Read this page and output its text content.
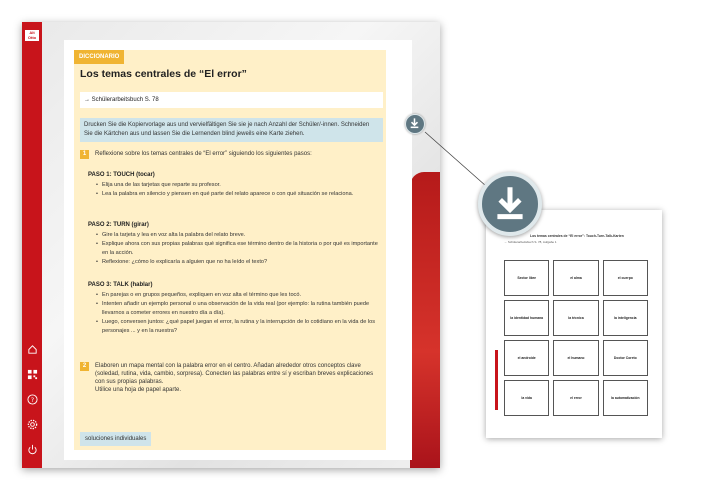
Alt
Otto
?
DICCIONARIO
Los temas centrales de “El error”
→ Schülerarbeitsbuch S. 78
Drucken Sie die Kopiervorlage aus und vervielfältigen Sie sie je nach Anzahl der Schüler/-innen. Schneiden Sie die Kärtchen aus und lassen Sie die Lernenden blind jeweils eine Karte ziehen.
1 Reflexione sobre los temas centrales de “El error” siguiendo los siguientes pasos:
PASO 1: TOUCH (tocar)
• Elija una de las tarjetas que reparte su profesor.
• Lea la palabra en silencio y piensen en qué parte del relato aparece o con qué situación se relaciona.
PASO 2: TURN (girar)
• Gire la tarjeta y lea en voz alta la palabra del relato breve.
• Explique ahora con sus propias palabras qué significa ese término dentro de la historia o por qué es importante en la acción.
• Reflexione: ¿cómo lo explicaría a alguien que no ha leído el texto?
PASO 3: TALK (hablar)
• En parejas o en grupos pequeños, expliquen en voz alta el término que les tocó.
• Intenten añadir un ejemplo personal o una observación de la vida real (por ejemplo: la rutina también puede llevarnos a cometer errores en nuestro día a día).
• Luego, conversen juntos: ¿qué papel juegan el error, la rutina y la interrupción de lo cotidiano en la vida de los personajes ... y en la nuestra?
2	Elaboren un mapa mental con la palabra error en el centro. Añadan alrededor otros conceptos clave (soledad, rutina, vida, cambio, sorpresa). Conecten las palabras entre sí y escriban breves explicaciones con sus propias palabras.
Utilice una hoja de papel aparte.
soluciones individuales
Los temas centrales de “El error”: Touch-Turn-Talk-Karten
→ Schülerarbeitsbuch S. 78, Aufgabe 1
Sector libre	el alma	el cuerpo
la identidad humana	la técnica	la inteligencia
el androide	el humano	Doctor Coreto
la vida	el error	la automatización
